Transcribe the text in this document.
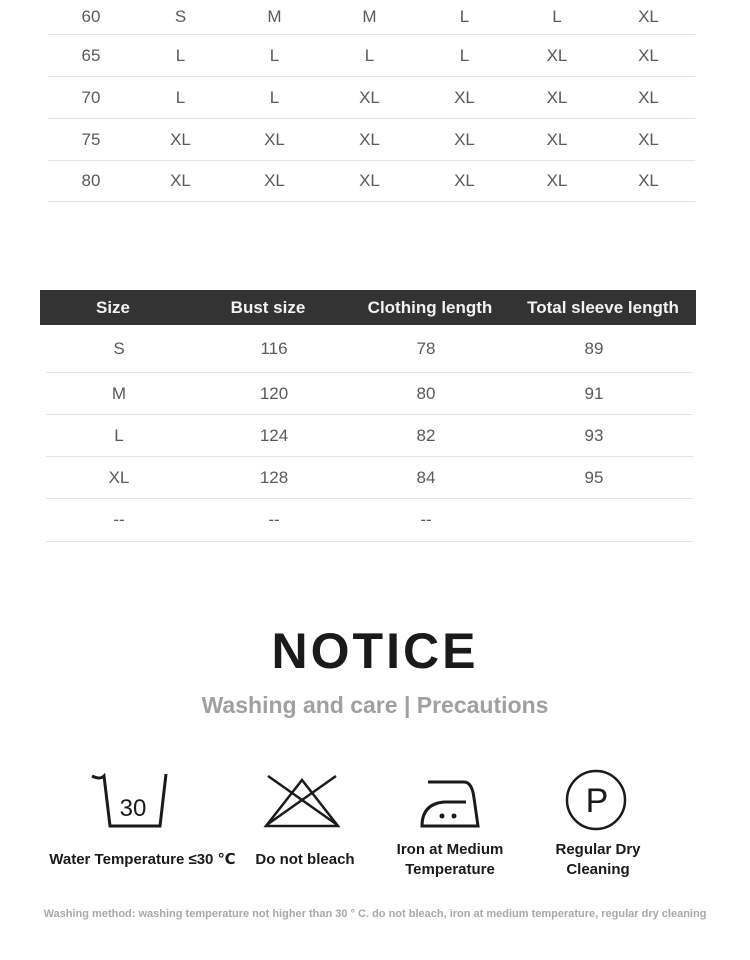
60	S	M	M	L	L	XL
65	L	L	L	L	XL	XL
70	L	L	XL	XL	XL	XL
75	XL	XL	XL	XL	XL	XL
80	XL	XL	XL	XL	XL	XL
Size	Bust size	Clothing length	Total sleeve length
S	116	78	89
M	120	80	91
L	124	82	93
XL	128	84	95
--	--	--
NOTICE
Washing and care | Precautions
30
Water Temperature ≤30 ℃	Do not bleach
Iron at Medium
Temperature
P
Regular Dry
Cleaning
Washing method: washing temperature not higher than 30 ° C. do not bleach, iron at medium temperature, regular dry cleaning
